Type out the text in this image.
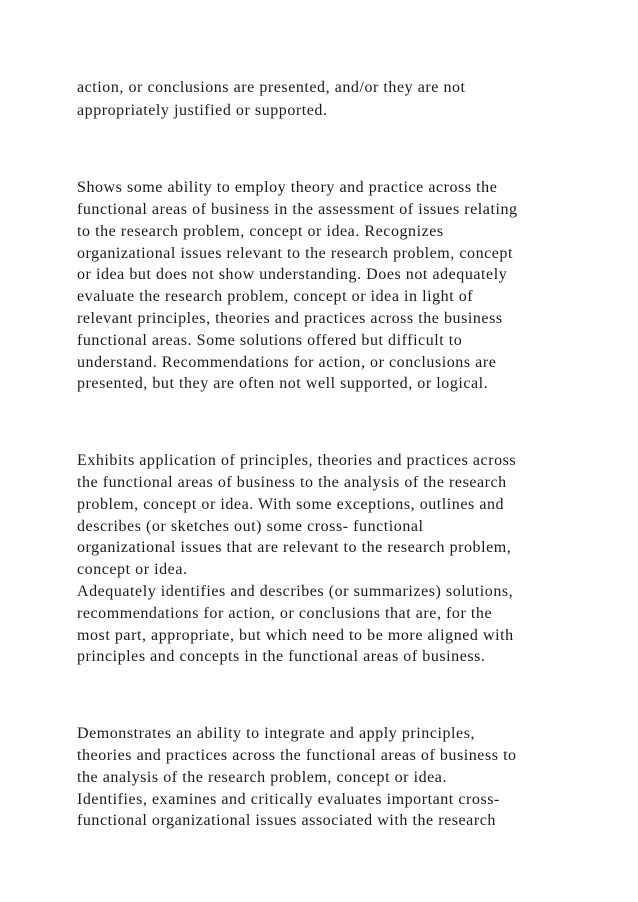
action, or conclusions are presented, and/or they are not

appropriately justified or supported.

Shows some ability to employ theory and practice across the

functional areas of business in the assessment of issues relating

to the research problem, concept or idea. Recognizes

organizational issues relevant to the research problem, concept

or idea but does not show understanding. Does not adequately

evaluate the research problem, concept or idea in light of

relevant principles, theories and practices across the business

functional areas. Some solutions offered but difficult to

understand. Recommendations for action, or conclusions are

presented, but they are often not well supported, or logical.

Exhibits application of principles, theories and practices across

the functional areas of business to the analysis of the research

problem, concept or idea. With some exceptions, outlines and

describes (or sketches out) some cross- functional

organizational issues that are relevant to the research problem,

concept or idea.

Adequately identifies and describes (or summarizes) solutions,

recommendations for action, or conclusions that are, for the

most part, appropriate, but which need to be more aligned with

principles and concepts in the functional areas of business.

Demonstrates an ability to integrate and apply principles,

theories and practices across the functional areas of business to

the analysis of the research problem, concept or idea.

Identifies, examines and critically evaluates important cross-

functional organizational issues associated with the research
